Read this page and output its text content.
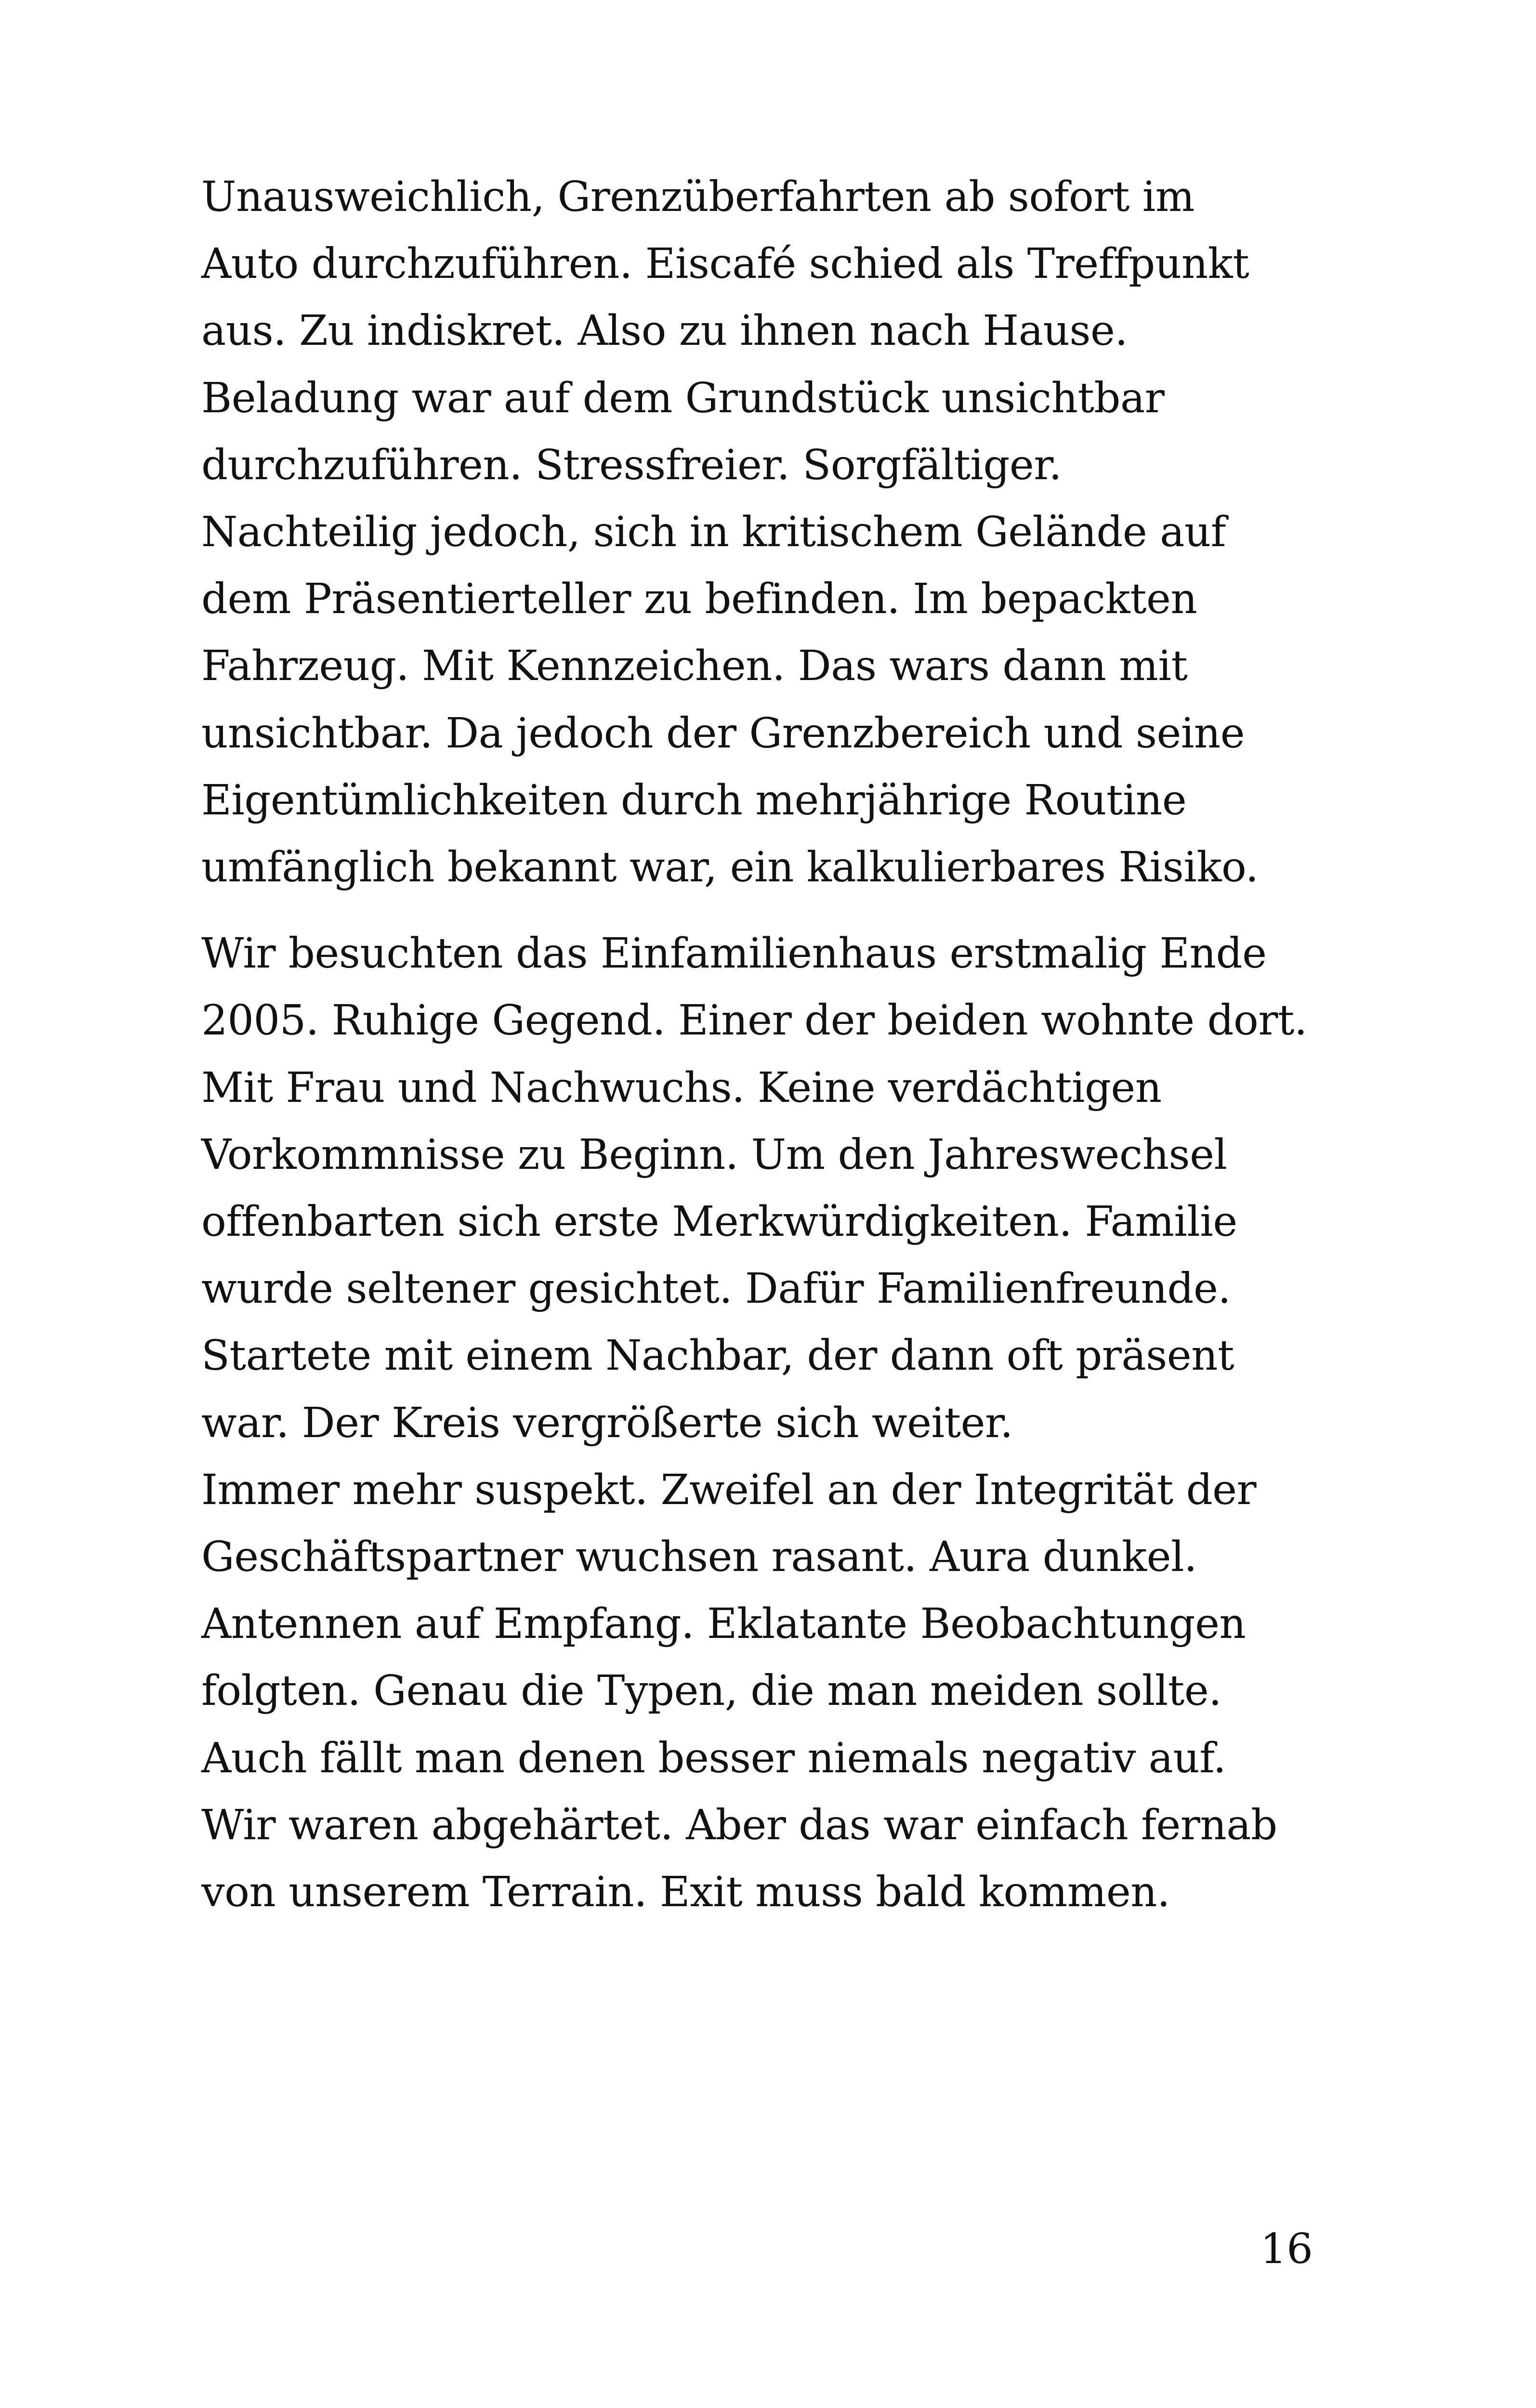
Unausweichlich, Grenzüberfahrten ab sofort im
Auto durchzuführen. Eiscafé schied als Treffpunkt
aus. Zu indiskret. Also zu ihnen nach Hause.
Beladung war auf dem Grundstück unsichtbar
durchzuführen. Stressfreier. Sorgfältiger.
Nachteilig jedoch, sich in kritischem Gelände auf
dem Präsentierteller zu befinden. Im bepackten
Fahrzeug. Mit Kennzeichen. Das wars dann mit
unsichtbar. Da jedoch der Grenzbereich und seine
Eigentümlichkeiten durch mehrjährige Routine
umfänglich bekannt war, ein kalkulierbares Risiko.

Wir besuchten das Einfamilienhaus erstmalig Ende
2005. Ruhige Gegend. Einer der beiden wohnte dort.
Mit Frau und Nachwuchs. Keine verdächtigen
Vorkommnisse zu Beginn. Um den Jahreswechsel
offenbarten sich erste Merkwürdigkeiten. Familie
wurde seltener gesichtet. Dafür Familienfreunde.
Startete mit einem Nachbar, der dann oft präsent
war. Der Kreis vergrößerte sich weiter.
Immer mehr suspekt. Zweifel an der Integrität der
Geschäftspartner wuchsen rasant. Aura dunkel.
Antennen auf Empfang. Eklatante Beobachtungen
folgten. Genau die Typen, die man meiden sollte.
Auch fällt man denen besser niemals negativ auf.
Wir waren abgehärtet. Aber das war einfach fernab
von unserem Terrain. Exit muss bald kommen.

16
